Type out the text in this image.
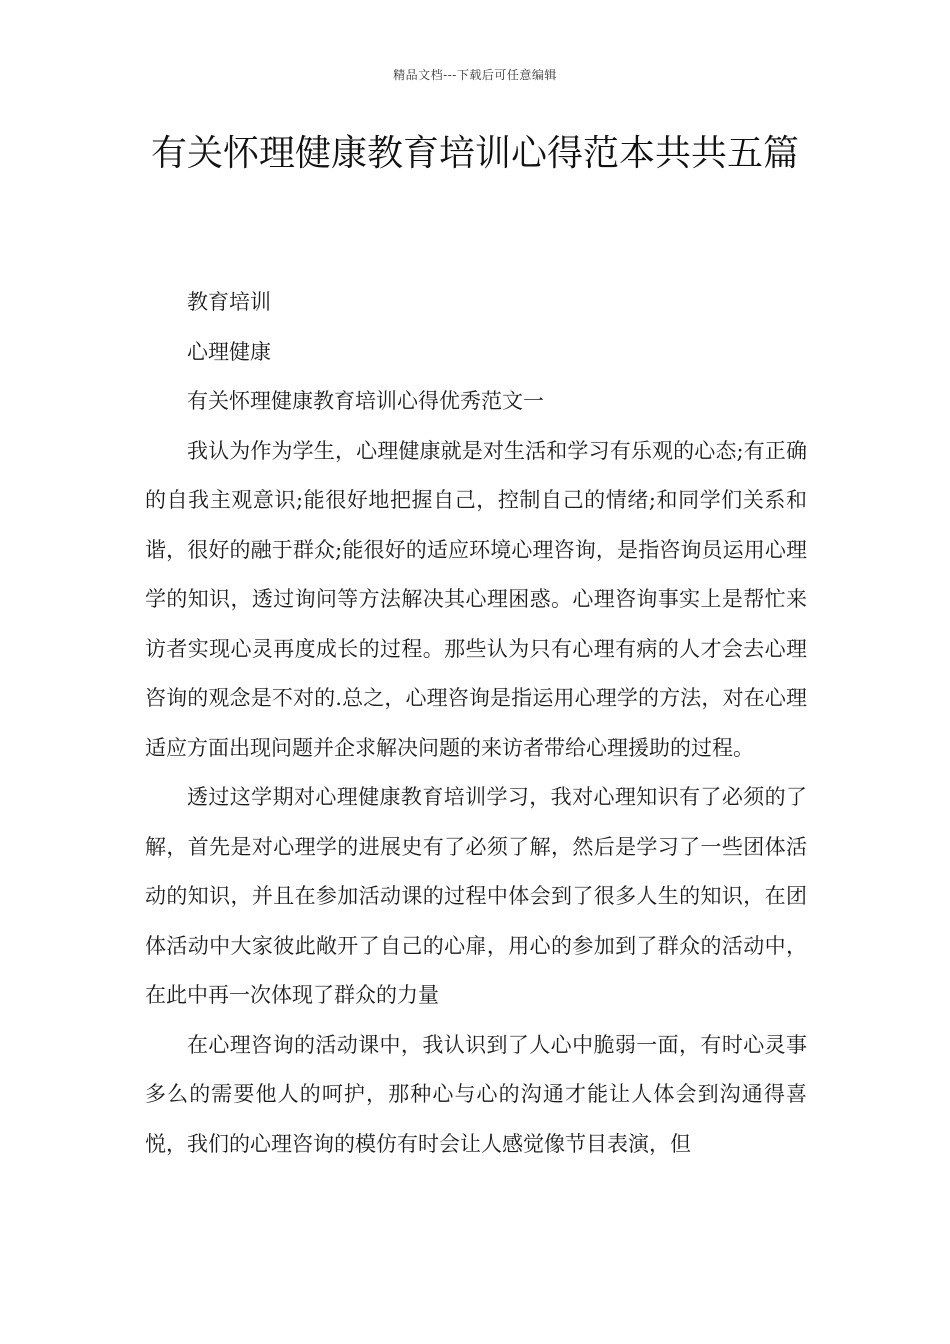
精品文档---下载后可任意编辑
有关怀理健康教育培训心得范本共共五篇

教育培训

心理健康

有关怀理健康教育培训心得优秀范文一

我认为作为学生，心理健康就是对生活和学习有乐观的心态;有正确的自我主观意识;能很好地把握自己，控制自己的情绪;和同学们关系和谐，很好的融于群众;能很好的适应环境心理咨询，是指咨询员运用心理学的知识，透过询问等方法解决其心理困惑。心理咨询事实上是帮忙来访者实现心灵再度成长的过程。那些认为只有心理有病的人才会去心理咨询的观念是不对的.总之，心理咨询是指运用心理学的方法，对在心理适应方面出现问题并企求解决问题的来访者带给心理援助的过程。

透过这学期对心理健康教育培训学习，我对心理知识有了必须的了解，首先是对心理学的进展史有了必须了解，然后是学习了一些团体活动的知识，并且在参加活动课的过程中体会到了很多人生的知识，在团体活动中大家彼此敞开了自己的心扉，用心的参加到了群众的活动中，在此中再一次体现了群众的力量

在心理咨询的活动课中，我认识到了人心中脆弱一面，有时心灵事多么的需要他人的呵护，那种心与心的沟通才能让人体会到沟通得喜悦，我们的心理咨询的模仿有时会让人感觉像节目表演，但
